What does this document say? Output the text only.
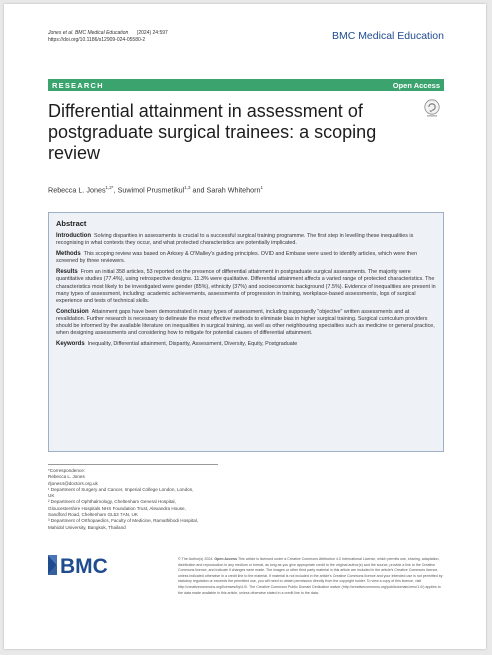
Jones et al. BMC Medical Education (2024) 24:597
https://doi.org/10.1186/s12909-024-05580-2	BMC Medical Education
RESEARCH	Open Access
Differential attainment in assessment of postgraduate surgical trainees: a scoping review
Rebecca L. Jones$^{1,2*}$, Suwimol Prusmetikul$^{1,3}$ and Sarah Whitehorn$^1$
Abstract
Introduction Solving disparities in assessments is crucial to a successful surgical training programme. The first step in levelling these inequalities is recognising in what contexts they occur, and what protected characteristics are potentially implicated.
Methods This scoping review was based on Arksey & O'Malley's guiding principles. OVID and Embase were used to identify articles, which were then screened by three reviewers.
Results From an initial 358 articles, 53 reported on the presence of differential attainment in postgraduate surgical assessments. The majority were quantitative studies (77.4%), using retrospective designs. 11.3% were qualitative. Differential attainment affects a varied range of protected characteristics. The characteristics most likely to be investigated were gender (85%), ethnicity (37%) and socioeconomic background (7.5%). Evidence of inequalities are present in many types of assessment, including: academic achievements, assessments of progression in training, workplace-based assessments, logs of surgical experience and tests of technical skills.
Conclusion Attainment gaps have been demonstrated in many types of assessment, including supposedly "objective" written assessments and at revalidation. Further research is necessary to delineate the most effective methods to eliminate bias in higher surgical training. Surgical curriculum providers should be informed by the available literature on inequalities in surgical training, as well as other neighbouring specialties such as medicine or general practice, when designing assessments and considering how to mitigate for potential causes of differential attainment.
Keywords Inequality, Differential attainment, Disparity, Assessment, Diversity, Equity, Postgraduate
*Correspondence:
Rebecca L. Jones
rljones4@doctors.org.uk
¹ Department of Surgery and Cancer, Imperial College London, London,
UK
² Department of Ophthalmology, Cheltenham General Hospital,
Gloucestershire Hospitals NHS Foundation Trust, Alexandra House,
Sandford Road, Cheltenham GL53 7AN, UK
³ Department of Orthopaedics, Faculty of Medicine, Ramathibodi Hospital,
Mahidol University, Bangkok, Thailand
BMC	© The Author(s) 2024. Open Access This article is licensed under a Creative Commons Attribution 4.0 International License, which permits use, sharing, adaptation, distribution and reproduction in any medium or format, as long as you give appropriate credit to the original author(s) and the source, provide a link to the Creative Commons licence, and indicate if changes were made. The images or other third party material in this article are included in the article's Creative Commons licence, unless indicated otherwise in a credit line to the material. If material is not included in the article's Creative Commons licence and your intended use is not permitted by statutory regulation or exceeds the permitted use, you will need to obtain permission directly from the copyright holder. To view a copy of this licence, visit http://creativecommons.org/licenses/by/4.0/. The Creative Commons Public Domain Dedication waiver (http://creativecommons.org/publicdomain/zero/1.0/) applies to the data made available in this article, unless otherwise stated in a credit line to the data.
